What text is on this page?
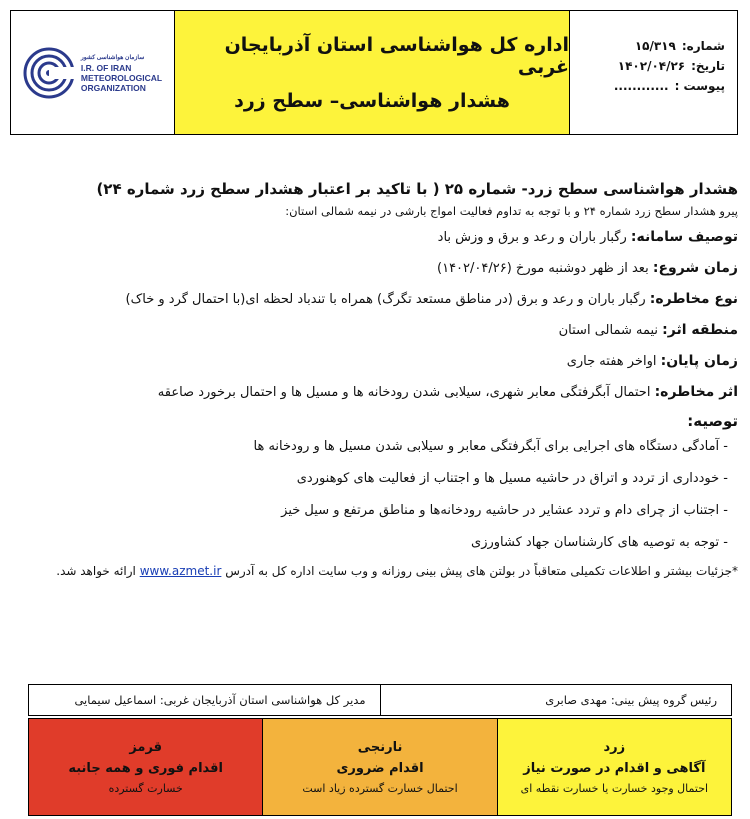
سازمان هواشناسی کشور
I.R. OF IRAN
METEOROLOGICAL
ORGANIZATION
اداره کل هواشناسی استان آذربایجان غربی
هشدار هواشناسی– سطح زرد
شماره:
۱۵/۳۱۹
تاریخ:
۱۴۰۲/۰۴/۲۶
پیوست :
............
هشدار هواشناسی سطح زرد- شماره ۲۵ ( با تاکید بر اعتبار هشدار سطح زرد شماره ۲۴)
پیرو هشدار سطح زرد شماره ۲۴ و با توجه به تداوم فعالیت امواج بارشی در نیمه شمالی استان:
توصیف سامانه: رگبار باران و رعد و برق و وزش باد
زمان شروع: بعد از ظهر دوشنبه مورخ (۱۴۰۲/۰۴/۲۶)
نوع مخاطره: رگبار باران و رعد و برق (در مناطق مستعد تگرگ) همراه با تندباد لحظه ای(با احتمال گرد و خاک)
منطقه اثر: نیمه شمالی استان
زمان پایان: اواخر هفته جاری
اثر مخاطره: احتمال آبگرفتگی معابر شهری، سیلابی شدن رودخانه ها و مسیل ها و احتمال برخورد صاعقه
توصیه:
- آمادگی دستگاه های اجرایی برای آبگرفتگی معابر و سیلابی شدن مسیل ها و رودخانه ها
- خودداری از تردد و اتراق در حاشیه مسیل ها و اجتناب از فعالیت های کوهنوردی
- اجتناب از چرای دام و تردد عشایر در حاشیه رودخانه‌ها و مناطق مرتفع و سیل خیز
- توجه به توصیه های کارشناسان جهاد کشاورزی
*جزئیات بیشتر و اطلاعات تکمیلی متعاقباً در بولتن های پیش بینی روزانه و وب سایت اداره کل به آدرس www.azmet.ir ارائه خواهد شد.
رئیس گروه پیش بینی: مهدی صابری
مدیر کل هواشناسی استان آذربایجان غربی: اسماعیل سیمایی
زرد
آگاهی و اقدام در صورت نیاز
احتمال وجود خسارت یا خسارت نقطه ای
نارنجی
اقدام ضروری
احتمال خسارت گسترده زیاد است
قرمز
اقدام فوری و همه جانبه
خسارت گسترده
